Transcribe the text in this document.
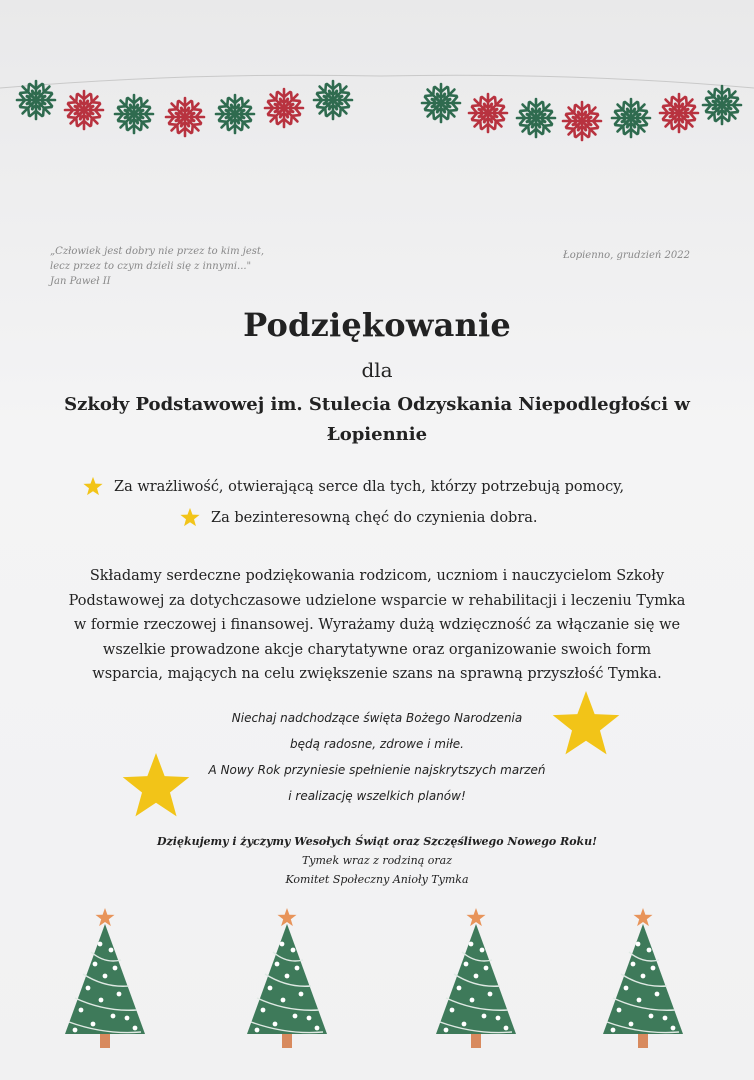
„Człowiek jest dobry nie przez to kim jest,
lecz przez to czym dzieli się z innymi..."
Jan Paweł II
Łopienno, grudzień 2022
Podziękowanie
dla
Szkoły Podstawowej im. Stulecia Odzyskania Niepodległości w
Łopiennie
Za wrażliwość, otwierającą serce dla tych, którzy potrzebują pomocy,
Za bezinteresowną chęć do czynienia dobra.
Składamy serdeczne podziękowania rodzicom, uczniom i nauczycielom Szkoły
Podstawowej za dotychczasowe udzielone wsparcie w rehabilitacji i leczeniu Tymka
w formie rzeczowej i finansowej. Wyrażamy dużą wdzięczność za włączanie się we
wszelkie prowadzone akcje charytatywne oraz organizowanie swoich form
wsparcia, mających na celu zwiększenie szans na sprawną przyszłość Tymka.
Niechaj nadchodzące święta Bożego Narodzenia
będą radosne, zdrowe i miłe.
A Nowy Rok przyniesie spełnienie najskrytszych marzeń
i realizację wszelkich planów!
Dziękujemy i życzymy Wesołych Świąt oraz Szczęśliwego Nowego Roku!
Tymek wraz z rodziną oraz
Komitet Społeczny Anioły Tymka
